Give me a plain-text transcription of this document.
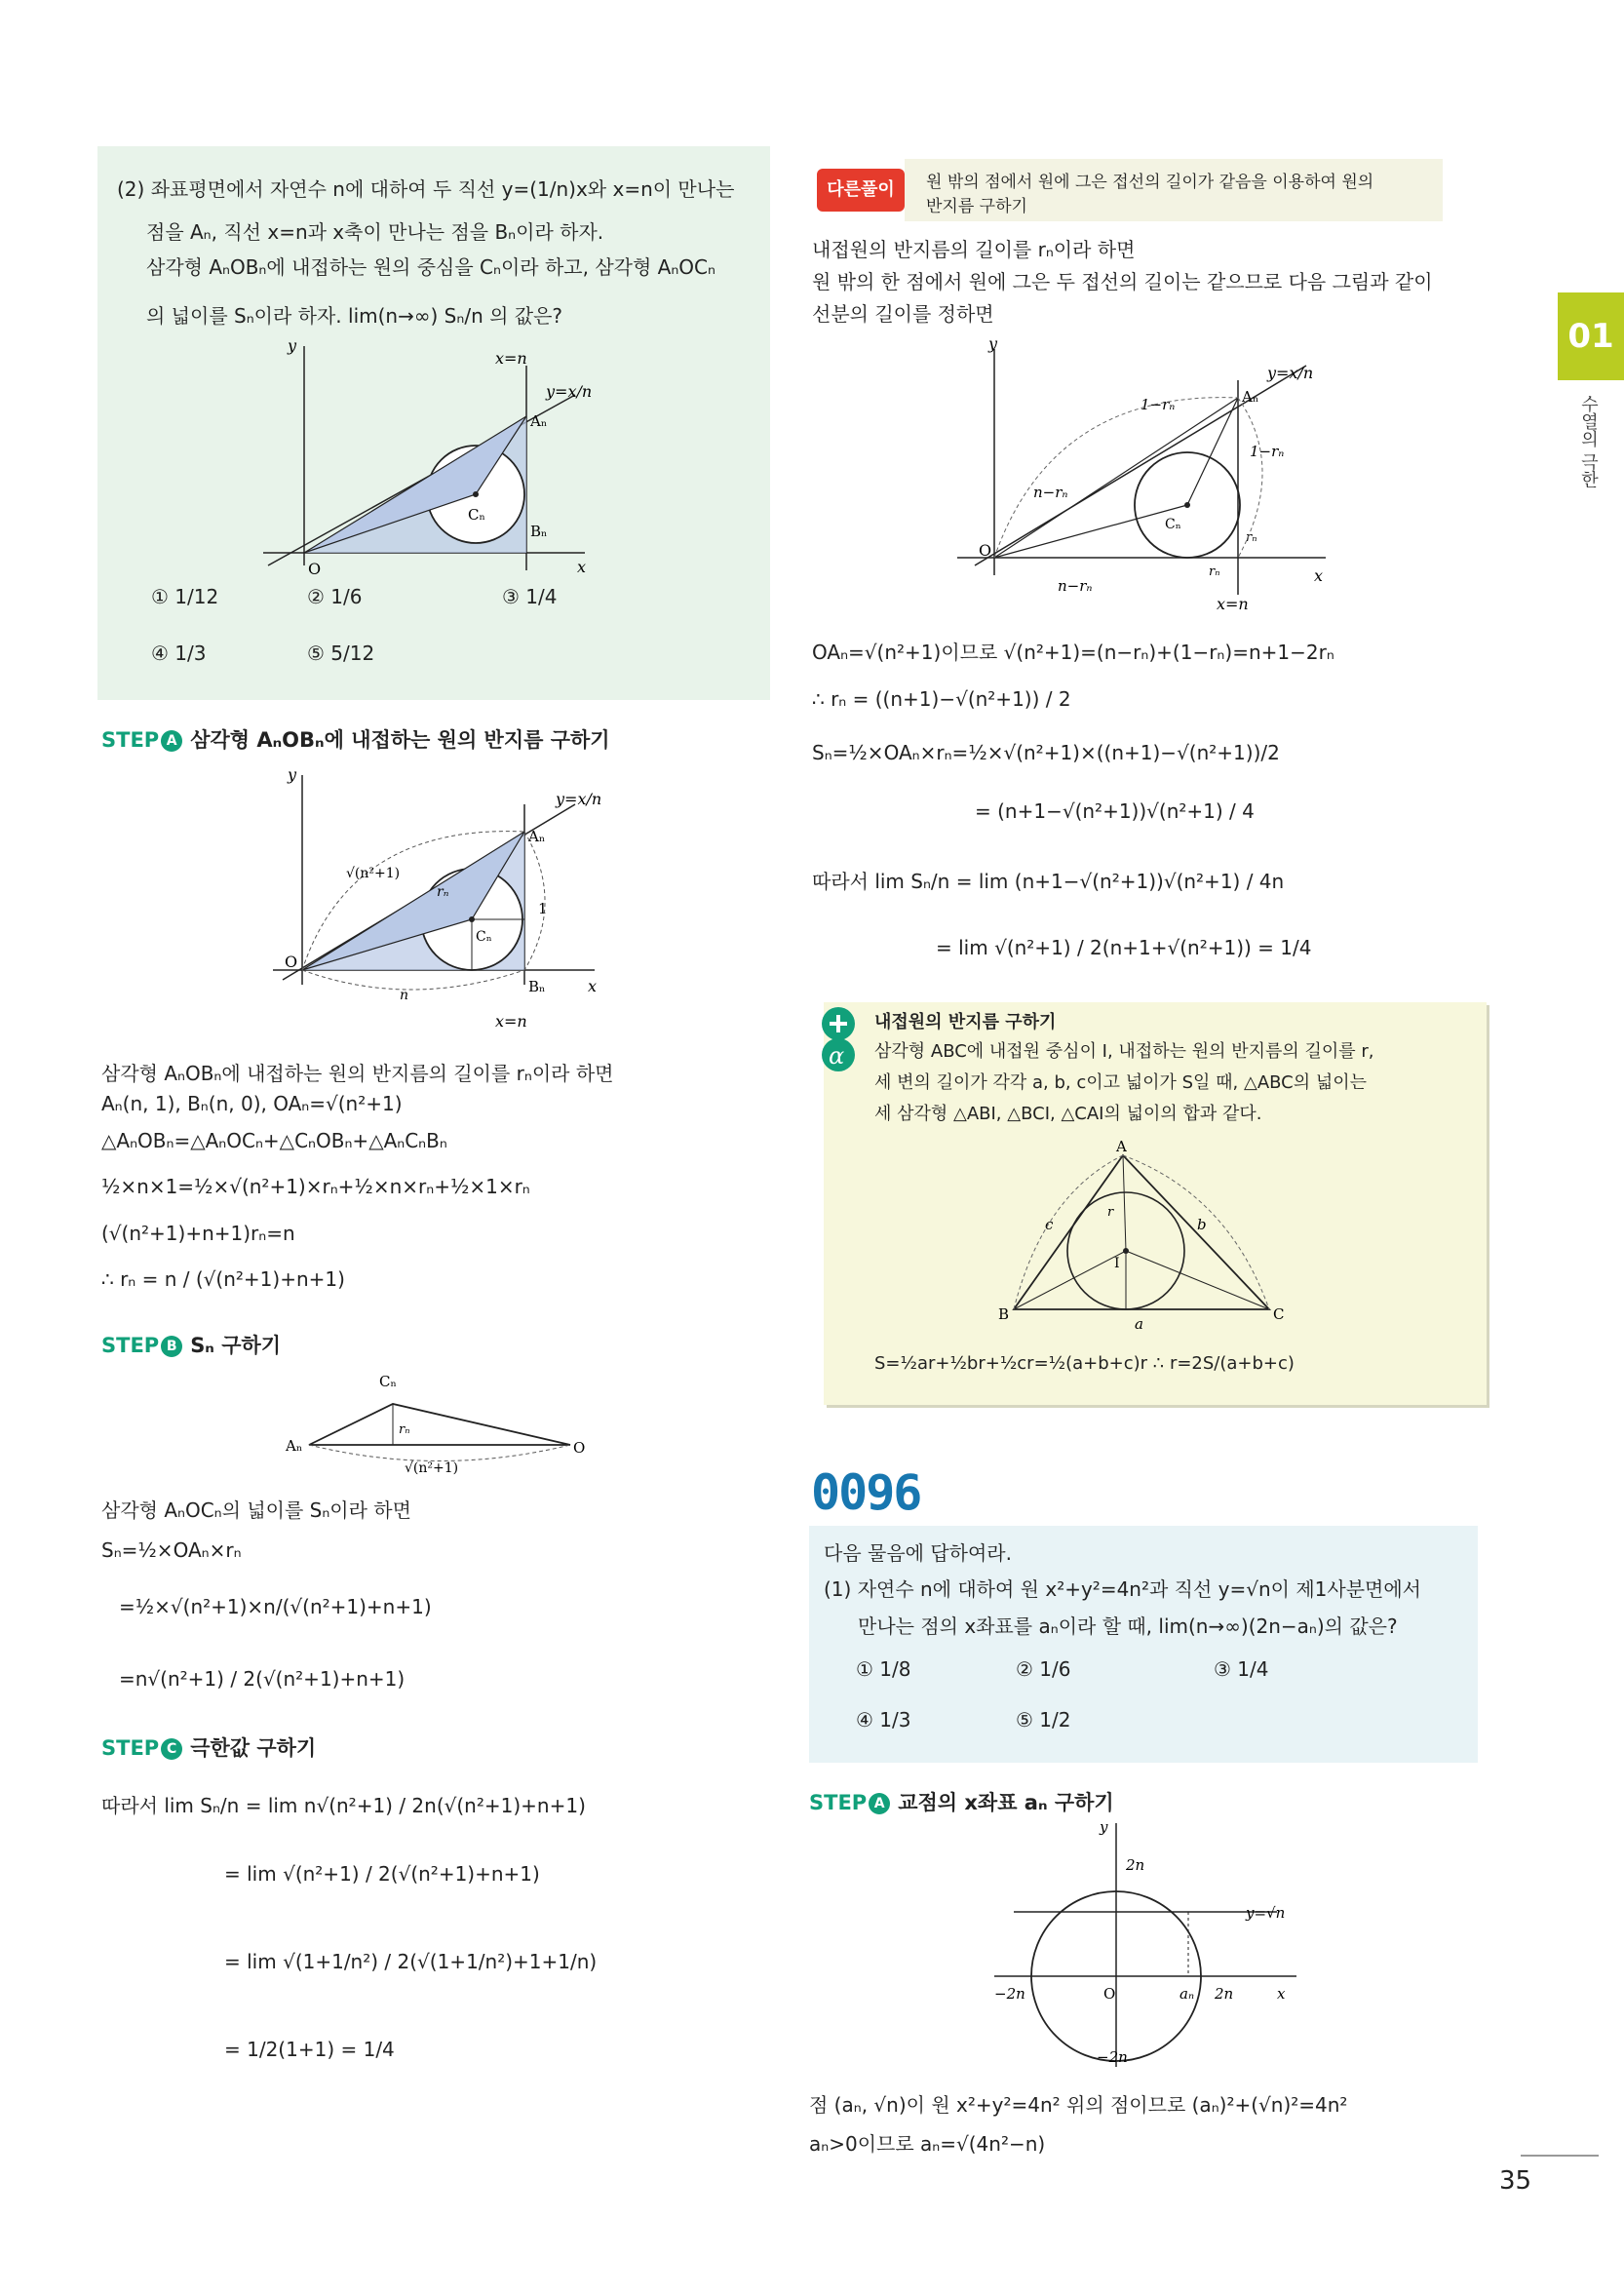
01
수열의 극한
(2) 좌표평면에서 자연수 n에 대하여 두 직선 y=(1/n)x와 x=n이 만나는
점을 Aₙ, 직선 x=n과 x축이 만나는 점을 Bₙ이라 하자.
삼각형 AₙOBₙ에 내접하는 원의 중심을 Cₙ이라 하고, 삼각형 AₙOCₙ
의 넓이를 Sₙ이라 하자. lim(n→∞) Sₙ/n 의 값은?
y
x
O
x=n
Cₙ
Aₙ
Bₙ
y=x/n
① 1/12	② 1/6	③ 1/4
④ 1/3	⑤ 5/12
STEP A 삼각형 AₙOBₙ에 내접하는 원의 반지름 구하기
y
x
O
x=n
Cₙ
Aₙ
Bₙ
1
rₙ
√(n²+1)
n
y=x/n
삼각형 AₙOBₙ에 내접하는 원의 반지름의 길이를 rₙ이라 하면
Aₙ(n, 1), Bₙ(n, 0), OAₙ=√(n²+1)
△AₙOBₙ=△AₙOCₙ+△CₙOBₙ+△AₙCₙBₙ
½×n×1=½×√(n²+1)×rₙ+½×n×rₙ+½×1×rₙ
(√(n²+1)+n+1)rₙ=n
∴ rₙ = n / (√(n²+1)+n+1)
STEP B Sₙ 구하기
Cₙ
Aₙ	O
rₙ
√(n²+1)
삼각형 AₙOCₙ의 넓이를 Sₙ이라 하면
Sₙ=½×OAₙ×rₙ
=½×√(n²+1)×n/(√(n²+1)+n+1)
=n√(n²+1) / 2(√(n²+1)+n+1)
STEP C 극한값 구하기
따라서 lim Sₙ/n = lim n√(n²+1) / 2n(√(n²+1)+n+1)
= lim √(n²+1) / 2(√(n²+1)+n+1)
= lim √(1+1/n²) / 2(√(1+1/n²)+1+1/n)
= 1/2(1+1) = 1/4
다른풀이	원 밖의 점에서 원에 그은 접선의 길이가 같음을 이용하여 원의
반지름 구하기
내접원의 반지름의 길이를 rₙ이라 하면
원 밖의 한 점에서 원에 그은 두 접선의 길이는 같으므로 다음 그림과 같이
선분의 길이를 정하면
y
x
O
x=n
Cₙ
Aₙ
1−rₙ
1−rₙ
n−rₙ
n−rₙ
rₙ
rₙ
y=x/n
OAₙ=√(n²+1)이므로 √(n²+1)=(n−rₙ)+(1−rₙ)=n+1−2rₙ
∴ rₙ = ((n+1)−√(n²+1)) / 2
Sₙ=½×OAₙ×rₙ=½×√(n²+1)×((n+1)−√(n²+1))/2
= (n+1−√(n²+1))√(n²+1) / 4
따라서 lim Sₙ/n = lim (n+1−√(n²+1))√(n²+1) / 4n
= lim √(n²+1) / 2(n+1+√(n²+1)) = 1/4
α
내접원의 반지름 구하기
삼각형 ABC에 내접원 중심이 I, 내접하는 원의 반지름의 길이를 r,
세 변의 길이가 각각 a, b, c이고 넓이가 S일 때, △ABC의 넓이는
세 삼각형 △ABI, △BCI, △CAI의 넓이의 합과 같다.
A
B	C
I
c	b
a
r
S=½ar+½br+½cr=½(a+b+c)r ∴ r=2S/(a+b+c)
0096
다음 물음에 답하여라.
(1) 자연수 n에 대하여 원 x²+y²=4n²과 직선 y=√n이 제1사분면에서
만나는 점의 x좌표를 aₙ이라 할 때, lim(n→∞)(2n−aₙ)의 값은?
① 1/8	② 1/6	③ 1/4
④ 1/3	⑤ 1/2
STEP A 교점의 x좌표 aₙ 구하기
y
x
2n
−2n	O	aₙ 2n
−2n
y=√n
점 (aₙ, √n)이 원 x²+y²=4n² 위의 점이므로 (aₙ)²+(√n)²=4n²
aₙ>0이므로 aₙ=√(4n²−n)
35
